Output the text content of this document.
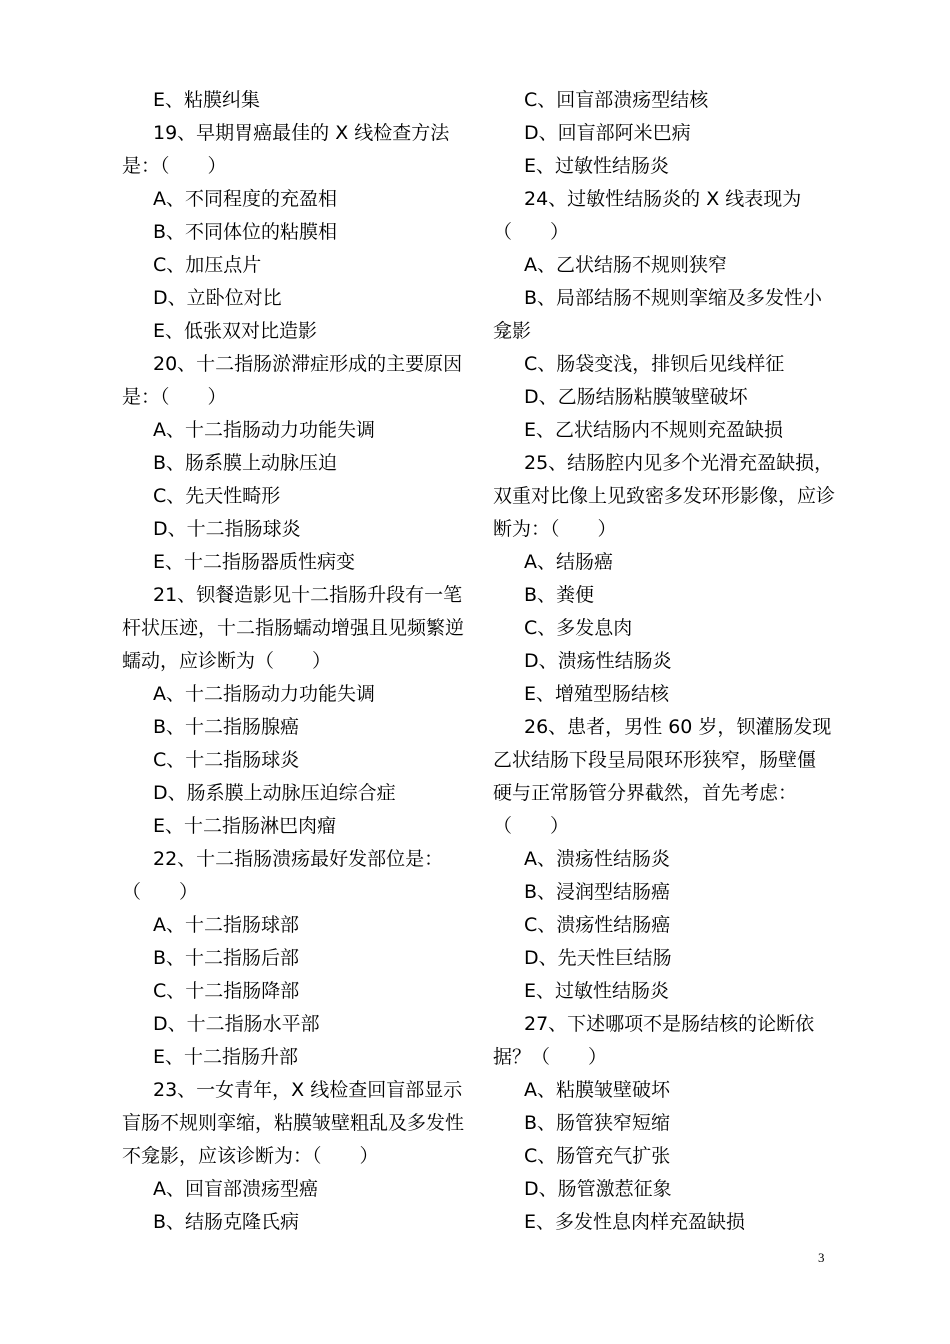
E、粘膜纠集
19、早期胃癌最佳的 X 线检查方法
是：（　　）
A、不同程度的充盈相
B、不同体位的粘膜相
C、加压点片
D、立卧位对比
E、低张双对比造影
20、十二指肠淤滞症形成的主要原因
是：（　　）
A、十二指肠动力功能失调
B、肠系膜上动脉压迫
C、先天性畸形
D、十二指肠球炎
E、十二指肠器质性病变
21、钡餐造影见十二指肠升段有一笔
杆状压迹，十二指肠蠕动增强且见频繁逆
蠕动，应诊断为（　　）
A、十二指肠动力功能失调
B、十二指肠腺癌
C、十二指肠球炎
D、肠系膜上动脉压迫综合症
E、十二指肠淋巴肉瘤
22、十二指肠溃疡最好发部位是：
（　　）
A、十二指肠球部
B、十二指肠后部
C、十二指肠降部
D、十二指肠水平部
E、十二指肠升部
23、一女青年，X 线检查回盲部显示
盲肠不规则挛缩，粘膜皱壁粗乱及多发性
不龛影，应该诊断为：（　　）
A、回盲部溃疡型癌
B、结肠克隆氏病
C、回盲部溃疡型结核
D、回盲部阿米巴病
E、过敏性结肠炎
24、过敏性结肠炎的 X 线表现为
（　　）
A、乙状结肠不规则狭窄
B、局部结肠不规则挛缩及多发性小
龛影
C、肠袋变浅，排钡后见线样征
D、乙肠结肠粘膜皱壁破坏
E、乙状结肠内不规则充盈缺损
25、结肠腔内见多个光滑充盈缺损，
双重对比像上见致密多发环形影像，应诊
断为：（　　）
A、结肠癌
B、粪便
C、多发息肉
D、溃疡性结肠炎
E、增殖型肠结核
26、患者，男性 60 岁，钡灌肠发现
乙状结肠下段呈局限环形狭窄，肠壁僵
硬与正常肠管分界截然，首先考虑：
（　　）
A、溃疡性结肠炎
B、浸润型结肠癌
C、溃疡性结肠癌
D、先天性巨结肠
E、过敏性结肠炎
27、下述哪项不是肠结核的论断依
据？（　　）
A、粘膜皱壁破坏
B、肠管狭窄短缩
C、肠管充气扩张
D、肠管激惹征象
E、多发性息肉样充盈缺损
3
